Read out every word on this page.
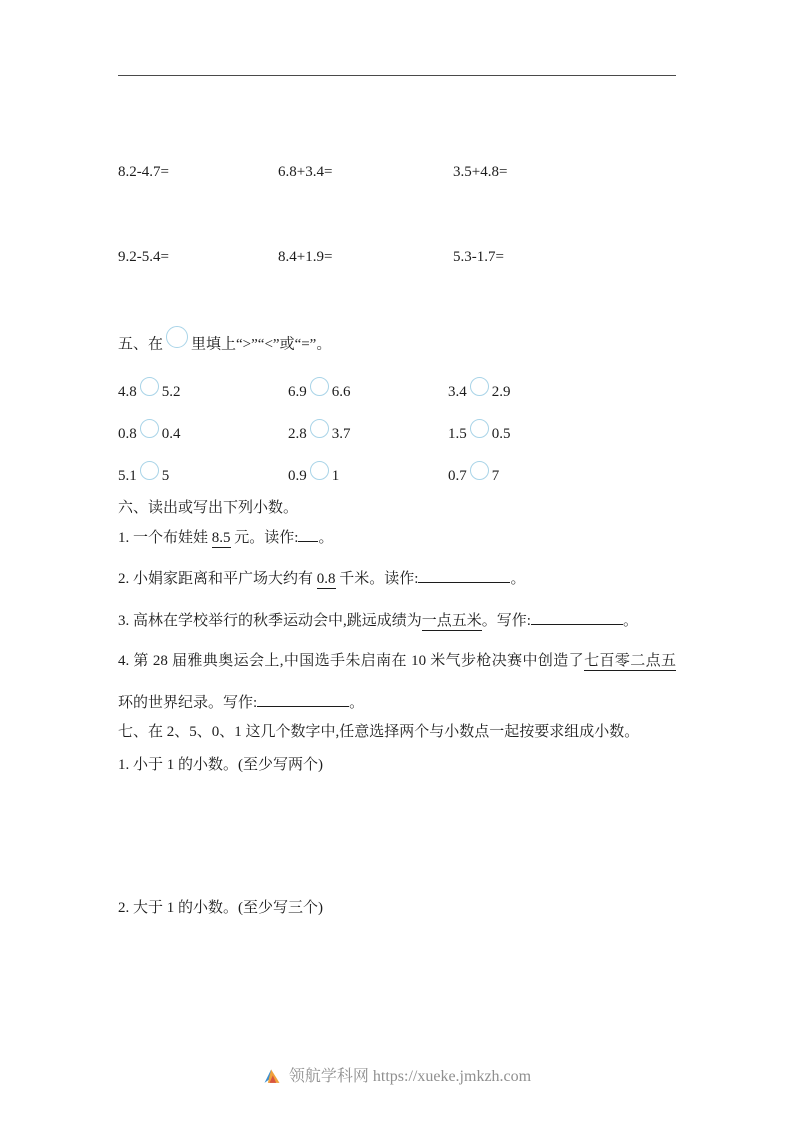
8.2-4.7=	6.8+3.4=	3.5+4.8=
9.2-5.4=	8.4+1.9=	5.3-1.7=
五、在 里填上“>”“<”或“=”。
4.8 5.2	6.9 6.6	3.4 2.9
0.8 0.4	2.8 3.7	1.5 0.5
5.1 5	0.9 1	0.7 7
六、读出或写出下列小数。
1. 一个布娃娃 8.5 元。读作: 。
2. 小娟家距离和平广场大约有 0.8 千米。读作:	。
3. 高林在学校举行的秋季运动会中,跳远成绩为一点五米。写作:	。
4. 第 28 届雅典奥运会上,中国选手朱启南在 10 米气步枪决赛中创造了七百零二点五环的世界纪录。写作:	。
七、在 2、5、0、1 这几个数字中,任意选择两个与小数点一起按要求组成小数。
1. 小于 1 的小数。(至少写两个)
2. 大于 1 的小数。(至少写三个)
领航学科网 https://xueke.jmkzh.com
